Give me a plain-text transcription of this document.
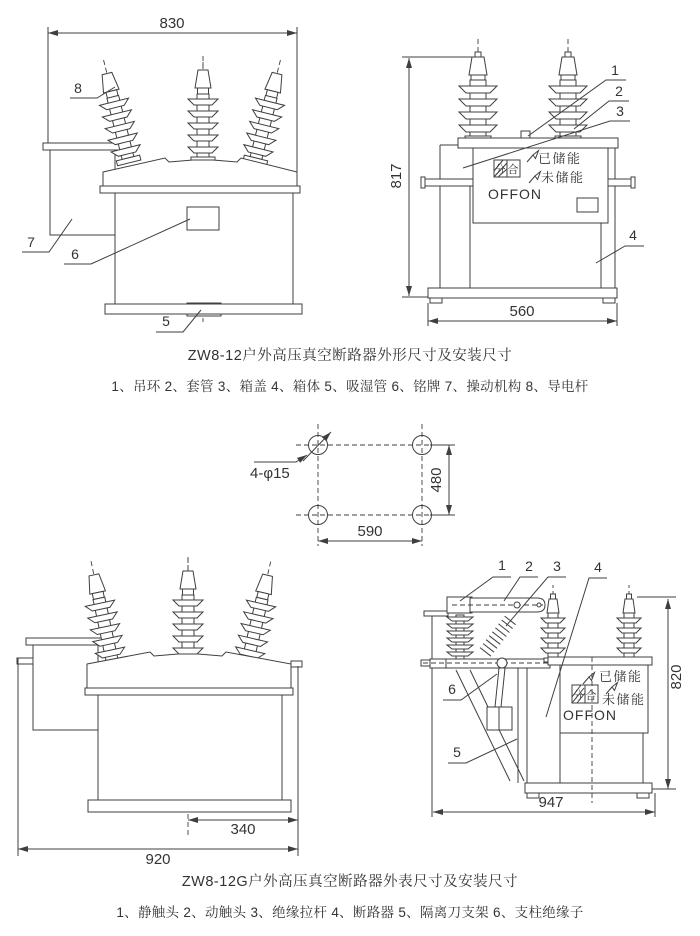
830
8
7
6
5
817	分 合
已储能
未储能
OFFON
560
1
2
3
4
4-φ15	480
590
340
920
分 合
已储能
未储能
OFFON
820
947
1 2 3 4
6
5
ZW8-12户外高压真空断路器外形尺寸及安装尺寸
1、吊环 2、套管 3、箱盖 4、箱体 5、吸湿管 6、铭牌 7、操动机构 8、导电杆
ZW8-12G户外高压真空断路器外表尺寸及安装尺寸
1、静触头 2、动触头 3、绝缘拉杆 4、断路器 5、隔离刀支架 6、支柱绝缘子
